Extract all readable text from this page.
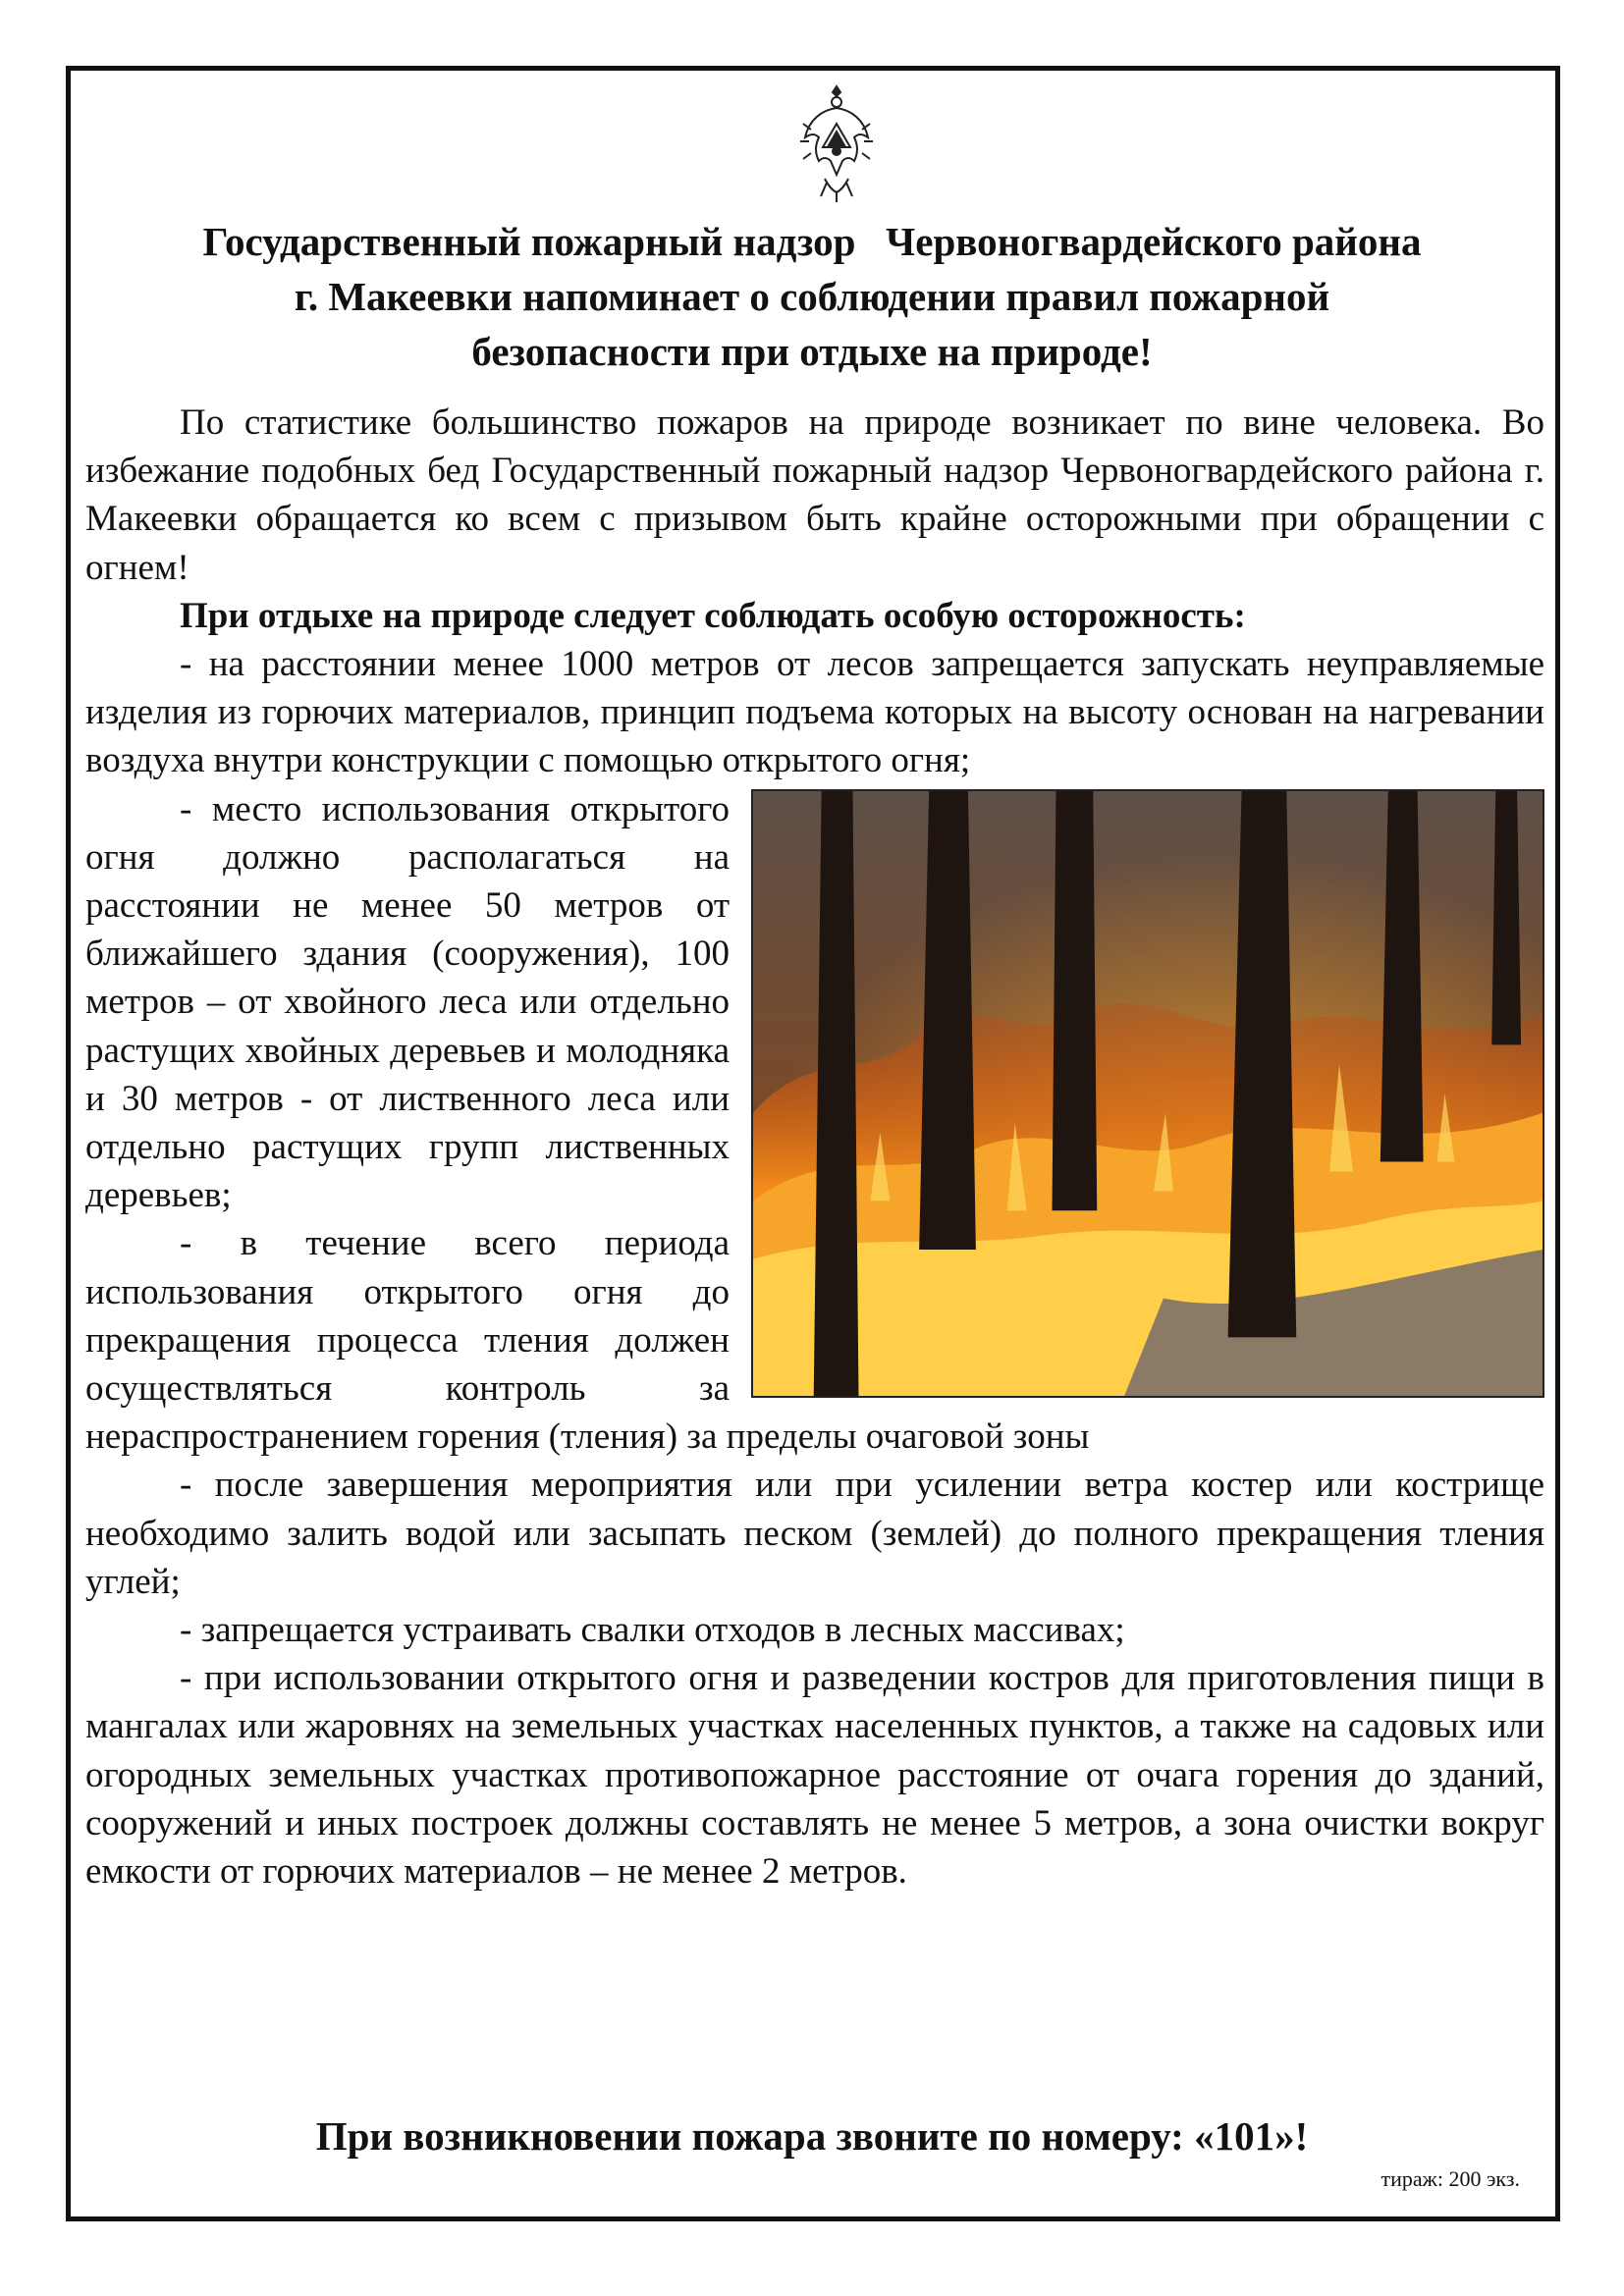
Государственный пожарный надзор   Червоногвардейского района
г. Макеевки напоминает о соблюдении правил пожарной
безопасности при отдыхе на природе!

По статистике большинство пожаров на природе возникает по вине человека. Во избежание подобных бед Государственный пожарный надзор Червоногвардейского района г. Макеевки обращается ко всем с призывом быть крайне осторожными при обращении с огнем!

При отдыхе на природе следует соблюдать особую осторожность:

- на расстоянии менее 1000 метров от лесов запрещается запускать неуправляемые изделия из горючих материалов, принцип подъема которых на высоту основан на нагревании воздуха внутри конструкции с помощью открытого огня;

- место использования открытого огня должно располагаться на расстоянии не менее 50 метров от ближайшего здания (сооружения), 100 метров – от хвойного леса или отдельно растущих хвойных деревьев и молодняка и 30 метров - от лиственного леса или отдельно растущих групп лиственных деревьев;

- в течение всего периода использования открытого огня до прекращения процесса тления должен осуществляться контроль за нераспространением горения (тления) за пределы очаговой зоны

- после завершения мероприятия или при усилении ветра костер или кострище необходимо залить водой или засыпать песком (землей) до полного прекращения тления углей;

- запрещается устраивать свалки отходов в лесных массивах;

- при использовании открытого огня и разведении костров для приготовления пищи в мангалах или жаровнях на земельных участках населенных пунктов, а также на садовых или огородных земельных участках противопожарное расстояние от очага горения до зданий, сооружений и иных построек должны составлять не менее 5 метров, а зона очистки вокруг емкости от горючих материалов – не менее 2 метров.

При возникновении пожара звоните по номеру: «101»!
тираж: 200 экз.
